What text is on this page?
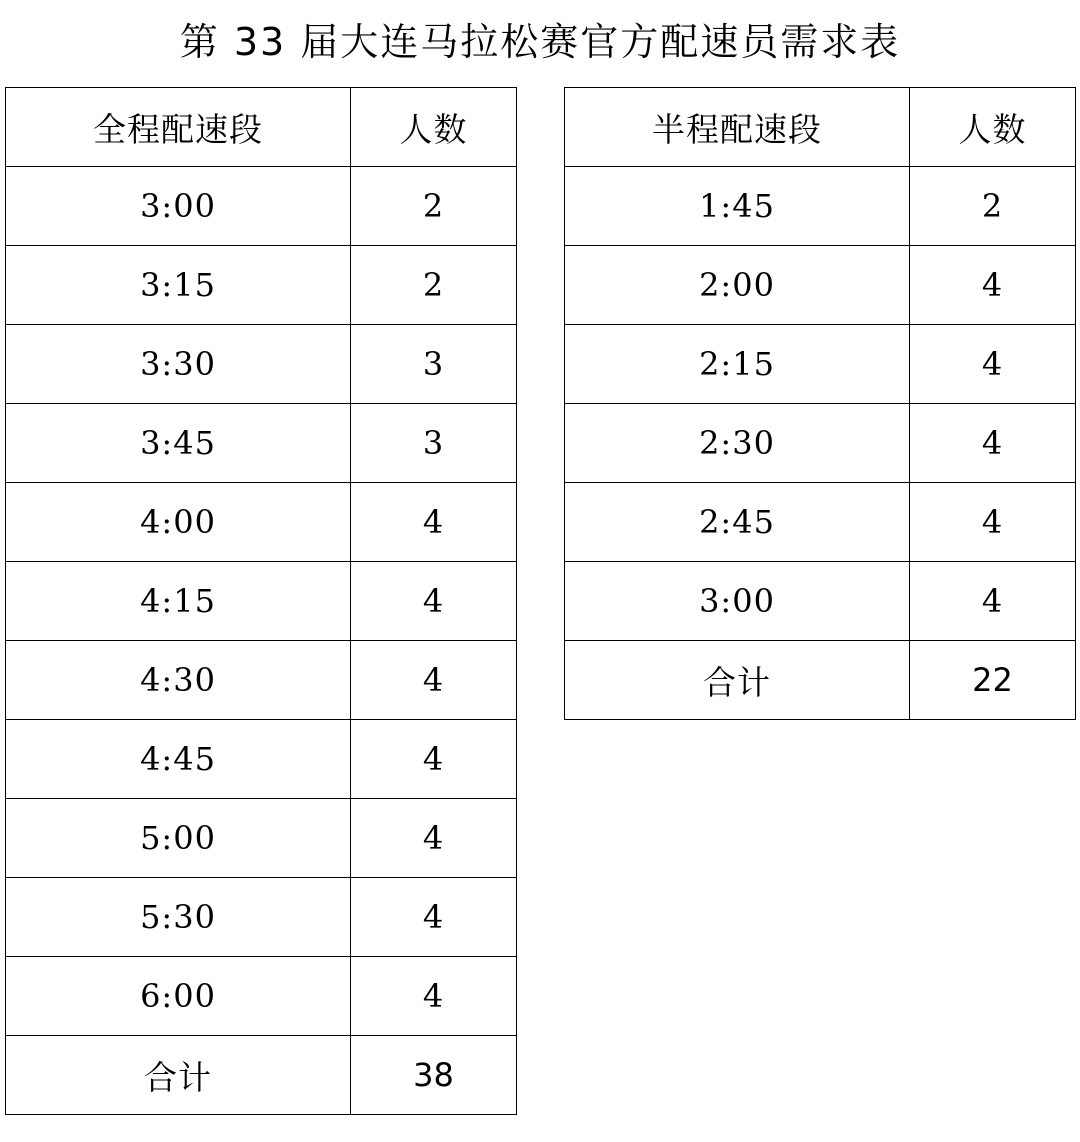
第 33 届大连马拉松赛官方配速员需求表
全程配速段	人数
3:00	2
3:15	2
3:30	3
3:45	3
4:00	4
4:15	4
4:30	4
4:45	4
5:00	4
5:30	4
6:00	4
合计	38
半程配速段	人数
1:45	2
2:00	4
2:15	4
2:30	4
2:45	4
3:00	4
合计	22
